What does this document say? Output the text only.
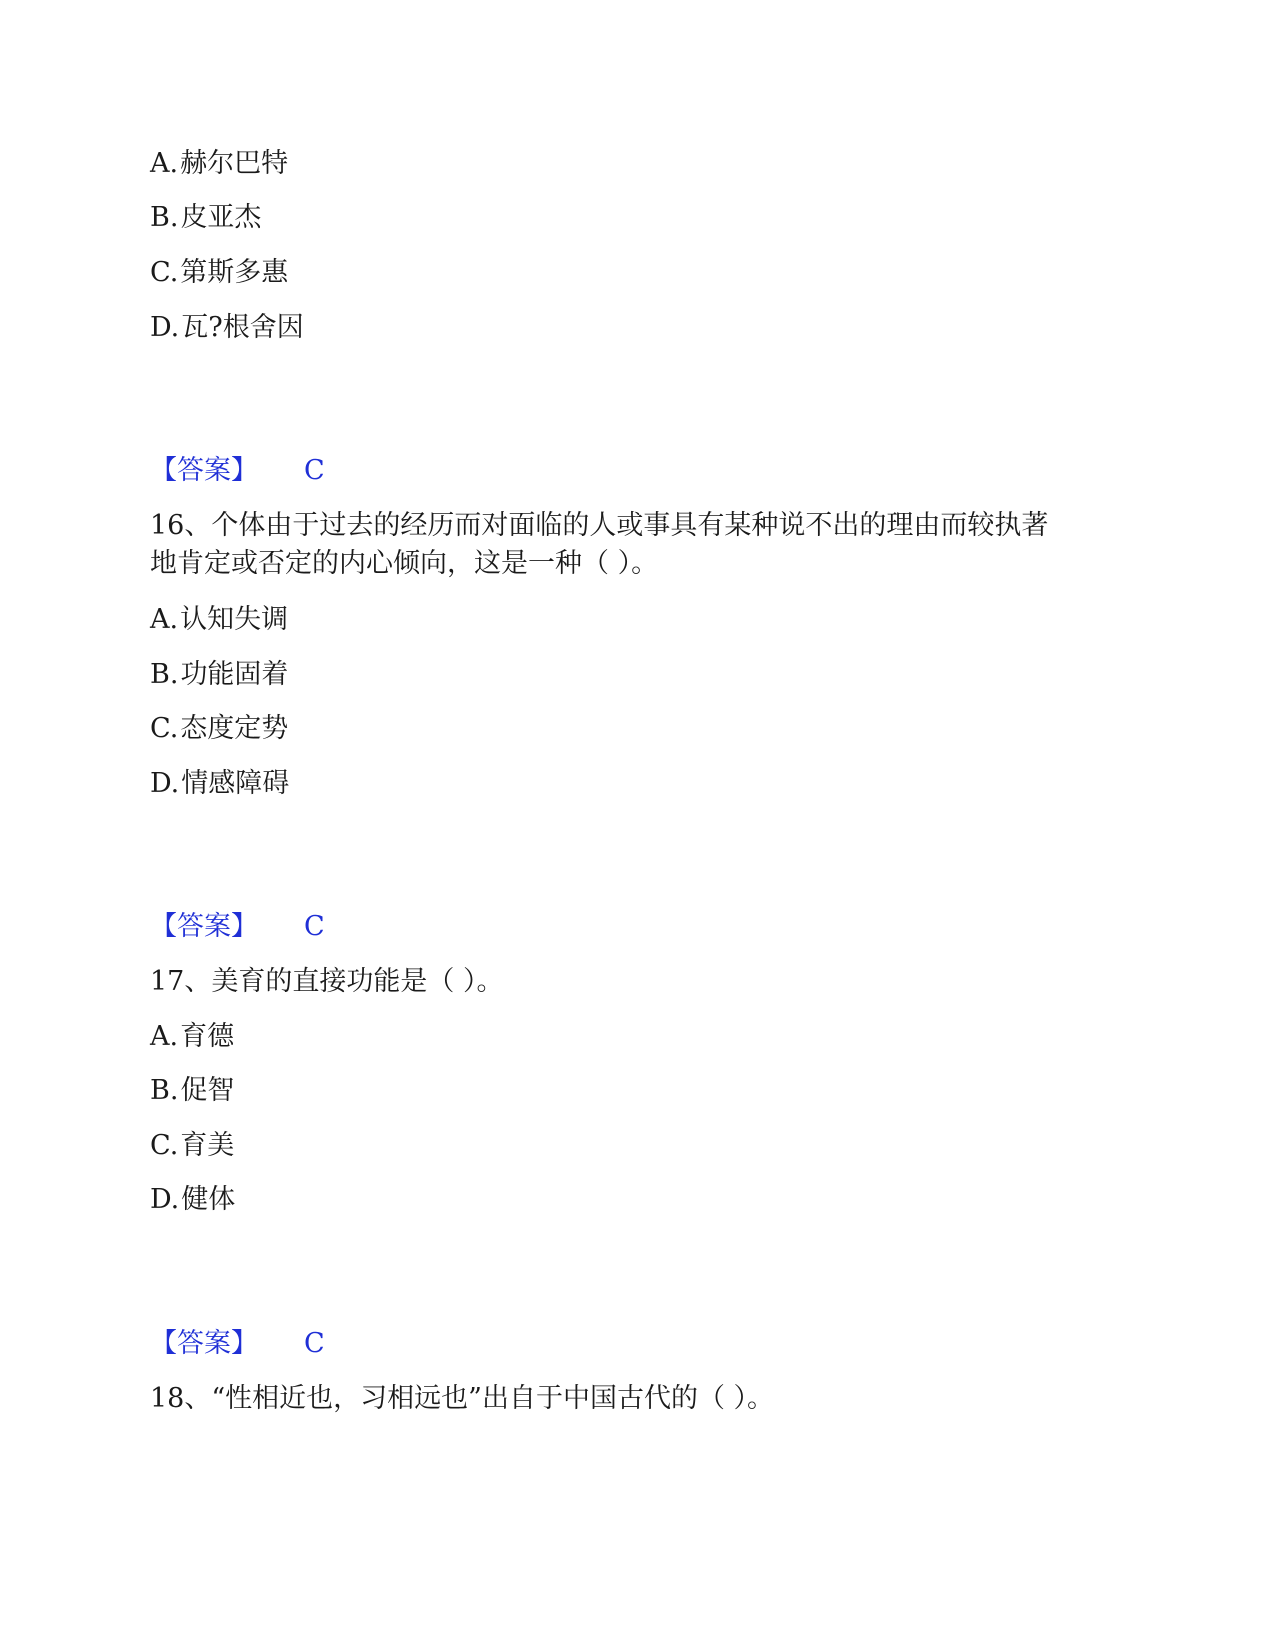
A.赫尔巴特
B.皮亚杰
C.第斯多惠
D.瓦?根舍因
【答案】 C
16、个体由于过去的经历而对面临的人或事具有某种说不出的理由而较执著
地肯定或否定的内心倾向，这是一种（ ）。
A.认知失调
B.功能固着
C.态度定势
D.情感障碍
【答案】 C
17、美育的直接功能是（ ）。
A.育德
B.促智
C.育美
D.健体
【答案】 C
18、“性相近也，习相远也”出自于中国古代的（ ）。
